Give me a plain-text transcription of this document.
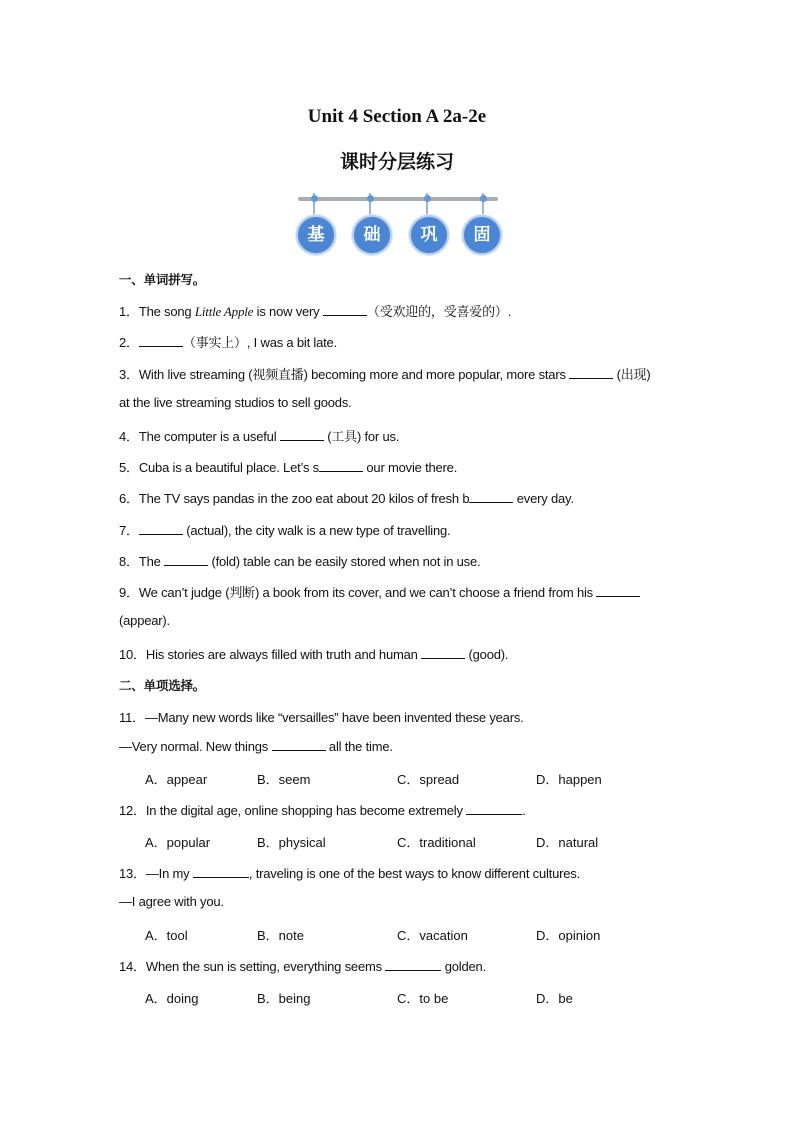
Unit 4 Section A 2a-2e
课时分层练习
基	础	巩	固
一、单词拼写。
1．The song Little Apple is now very	（受欢迎的，受喜爱的）.
2．	（事实上）, I was a bit late.
3．With live streaming (视频直播) becoming more and more popular, more stars	(出现)
at the live streaming studios to sell goods.
4．The computer is a useful	(工具) for us.
5．Cuba is a beautiful place. Let’s s	our movie there.
6．The TV says pandas in the zoo eat about 20 kilos of fresh b	every day.
7．	(actual), the city walk is a new type of travelling.
8．The	(fold) table can be easily stored when not in use.
9．We can’t judge (判断) a book from its cover, and we can’t choose a friend from his
(appear).
10．His stories are always filled with truth and human	(good).
二、单项选择。
11．—Many new words like “versailles” have been invented these years.
—Very normal. New things	all the time.
A．appear	B．seem	C．spread	D．happen
12．In the digital age, online shopping has become extremely	.
A．popular	B．physical	C．traditional	D．natural
13．—In my	, traveling is one of the best ways to know different cultures.
—I agree with you.
A．tool	B．note	C．vacation	D．opinion
14．When the sun is setting, everything seems	golden.
A．doing	B．being	C．to be	D．be
